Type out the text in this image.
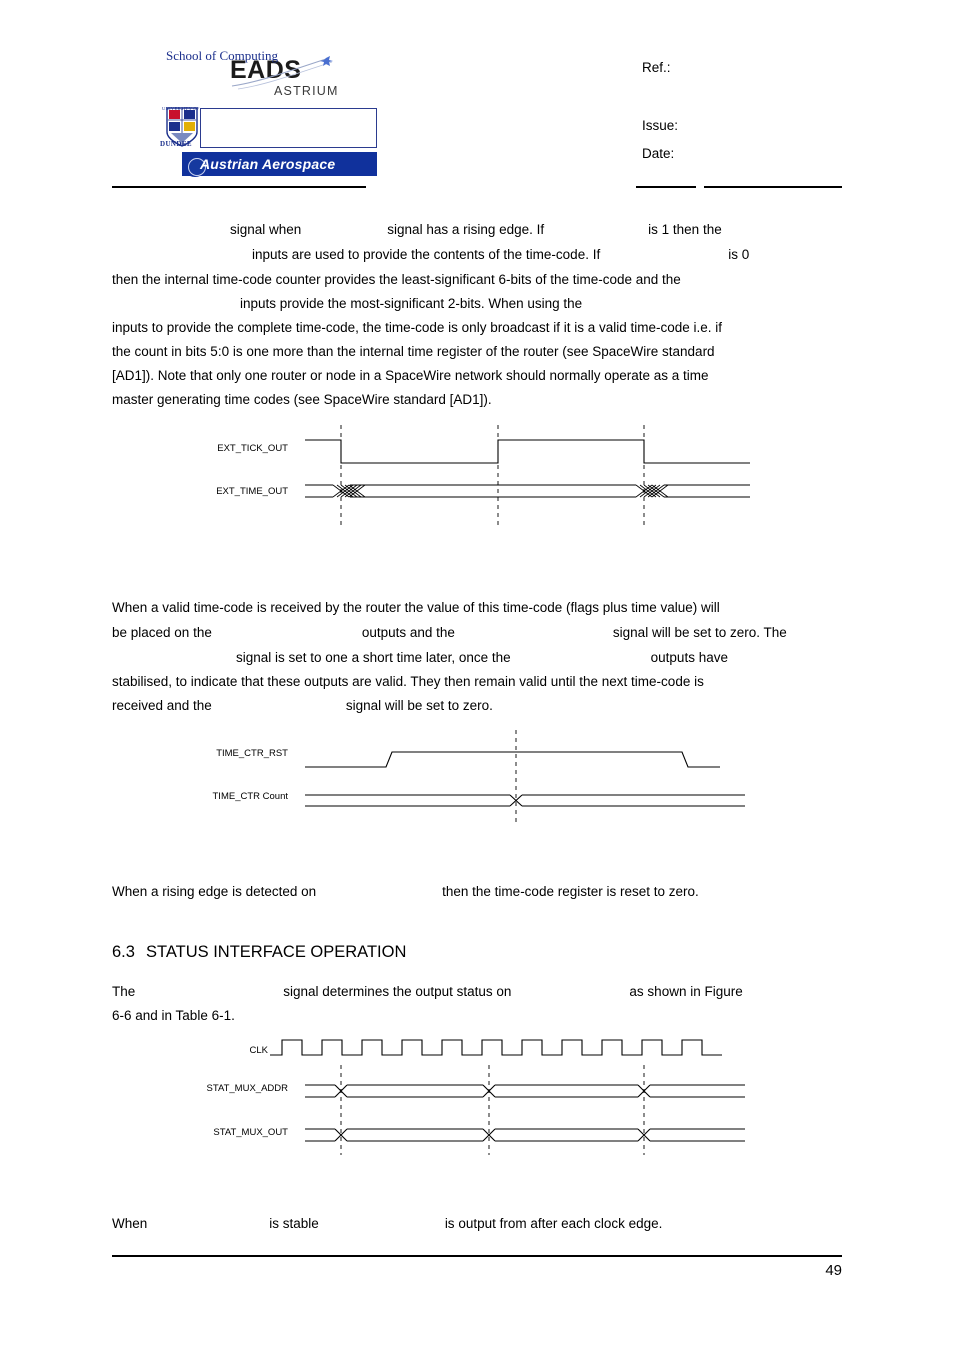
EADS
ASTRIUM
School of Computing
UNIVERSITY OF
DUNDEE
Austrian Aerospace
Ref.:
Issue:
Date:
signal when	signal has a rising edge. If	is 1 then the
inputs are used to provide the contents of the time-code. If	is 0
then the internal time-code counter provides the least-significant 6-bits of the time-code and the
inputs provide the most-significant 2-bits. When using the
inputs to provide the complete time-code, the time-code is only broadcast if it is a valid time-code i.e. if
the count in bits 5:0 is one more than the internal time register of the router (see SpaceWire standard
[AD1]). Note that only one router or node in a SpaceWire network should normally operate as a time
master generating time codes (see SpaceWire standard [AD1]).
EXT_TICK_OUT
EXT_TIME_OUT
When a valid time-code is received by the router the value of this time-code (flags plus time value) will
be placed on the	outputs and the	signal will be set to zero. The
signal is set to one a short time later, once the	outputs have
stabilised, to indicate that these outputs are valid. They then remain valid until the next time-code is
received and the	signal will be set to zero.
TIME_CTR_RST
TIME_CTR Count
When a rising edge is detected on	then the time-code register is reset to zero.
6.3 STATUS INTERFACE OPERATION
The	signal determines the output status on	as shown in Figure
6-6 and in Table 6-1.
CLK
STAT_MUX_ADDR
STAT_MUX_OUT
When	is stable	is output from after each clock edge.
49
